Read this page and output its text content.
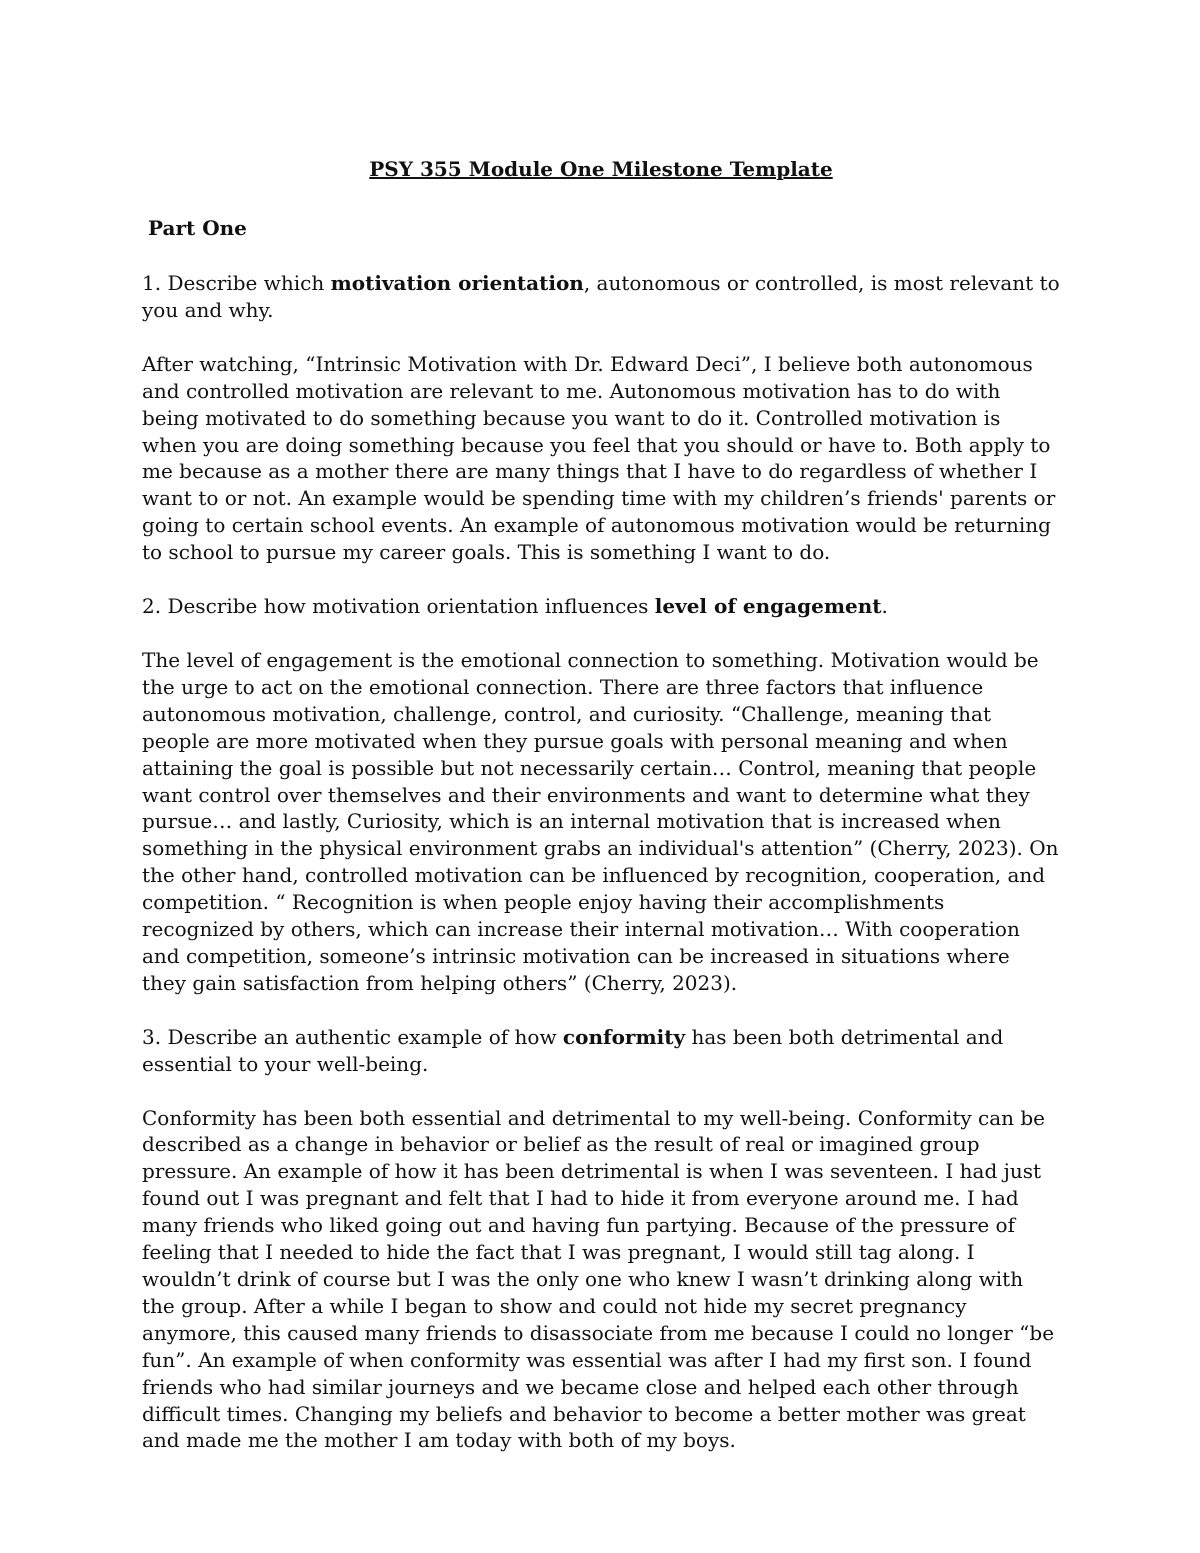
PSY 355 Module One Milestone Template
Part One
1. Describe which motivation orientation, autonomous or controlled, is most relevant to you and why.
After watching, “Intrinsic Motivation with Dr. Edward Deci”, I believe both autonomous and controlled motivation are relevant to me. Autonomous motivation has to do with being motivated to do something because you want to do it. Controlled motivation is when you are doing something because you feel that you should or have to. Both apply to me because as a mother there are many things that I have to do regardless of whether I want to or not. An example would be spending time with my children’s friends' parents or going to certain school events. An example of autonomous motivation would be returning to school to pursue my career goals. This is something I want to do.
2. Describe how motivation orientation influences level of engagement.
The level of engagement is the emotional connection to something. Motivation would be the urge to act on the emotional connection. There are three factors that influence autonomous motivation, challenge, control, and curiosity. “Challenge, meaning that people are more motivated when they pursue goals with personal meaning and when attaining the goal is possible but not necessarily certain… Control, meaning that people want control over themselves and their environments and want to determine what they pursue… and lastly, Curiosity, which is an internal motivation that is increased when something in the physical environment grabs an individual's attention” (Cherry, 2023). On the other hand, controlled motivation can be influenced by recognition, cooperation, and competition. “ Recognition is when people enjoy having their accomplishments recognized by others, which can increase their internal motivation… With cooperation and competition, someone’s intrinsic motivation can be increased in situations where they gain satisfaction from helping others” (Cherry, 2023).
3. Describe an authentic example of how conformity has been both detrimental and essential to your well-being.
Conformity has been both essential and detrimental to my well-being. Conformity can be described as a change in behavior or belief as the result of real or imagined group pressure. An example of how it has been detrimental is when I was seventeen. I had just found out I was pregnant and felt that I had to hide it from everyone around me. I had many friends who liked going out and having fun partying. Because of the pressure of feeling that I needed to hide the fact that I was pregnant, I would still tag along. I wouldn’t drink of course but I was the only one who knew I wasn’t drinking along with the group. After a while I began to show and could not hide my secret pregnancy anymore, this caused many friends to disassociate from me because I could no longer “be fun”. An example of when conformity was essential was after I had my first son. I found friends who had similar journeys and we became close and helped each other through difficult times. Changing my beliefs and behavior to become a better mother was great and made me the mother I am today with both of my boys.
